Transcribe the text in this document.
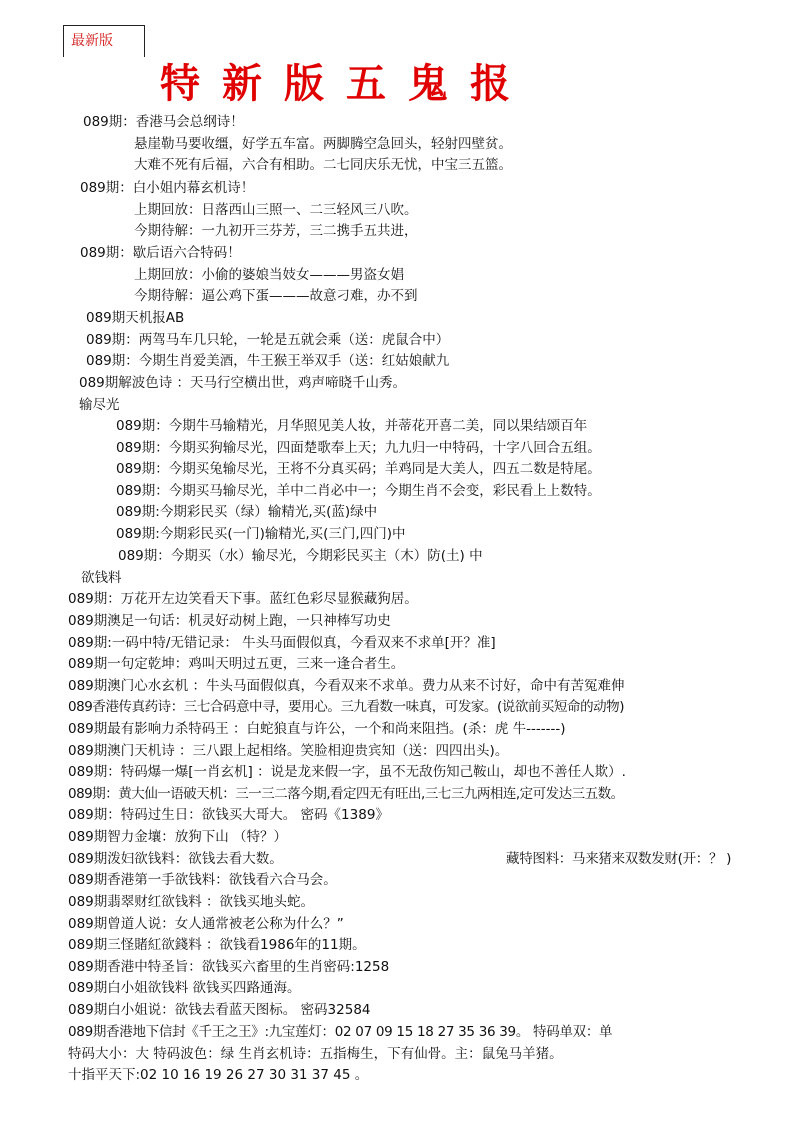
最新版
特新版五鬼报
089期：香港马会总纲诗！
悬崖勒马要收缰，好学五车富。两脚腾空急回头，轻射四壁贫。
大难不死有后福，六合有相助。二七同庆乐无忧，中宝三五篮。
089期：白小姐内幕玄机诗！
上期回放：日落西山三照一、二三轻风三八吹。
今期待解：一九初开三芬芳，三二携手五共进，
089期：歇后语六合特码！
上期回放：小偷的婆娘当妓女———男盗女娼
今期待解：逼公鸡下蛋———故意刁难，办不到
089期天机报AB
089期：两驾马车几只轮，一轮是五就会乘（送：虎鼠合中）
089期：今期生肖爱美酒，牛王猴王举双手（送：红姑娘献九
089期解波色诗 ：天马行空横出世，鸡声啼晓千山秀。
输尽光
089期：今期牛马输精光，月华照见美人妆，并蒂花开喜二美，同以果结颂百年
089期：今期买狗输尽光，四面楚歌奉上天；九九归一中特码，十字八回合五组。
089期：今期买兔输尽光，王将不分真买码；羊鸡同是大美人，四五二数是特尾。
089期：今期买马输尽光，羊中二肖必中一；今期生肖不会变，彩民看上上数特。
089期:今期彩民买（绿）输精光,买(蓝)绿中
089期:今期彩民买(一门)输精光,买(三门,四门)中
089期：今期买（水）输尽光，今期彩民买主（木）防(土) 中
欲钱料
089期：万花开左边笑看天下事。蓝红色彩尽显猴藏狗居。
089期澳足一句话：机灵好动树上跑，一只神棒写功史
089期:一码中特/无错记录： 牛头马面假似真，今看双来不求单[开？准]
089期一句定乾坤：鸡叫天明过五更，三来一逢合者生。
089期澳门心水玄机 ：牛头马面假似真，今看双来不求单。费力从来不讨好，命中有苦冤难伸
089香港传真药诗：三七合码意中寻，要用心。三九看数一味真，可发家。(说欲前买短命的动物)
089期最有影响力杀特码王 ：白蛇狼直与许公，一个和尚来阻挡。(杀：虎 牛-------)
089期澳门天机诗 ：三八跟上起相络。笑脸相迎贵宾知（送：四四出头)。
089期：特码爆一爆[一肖玄机] ：说是龙来假一字，虽不无敌伤知己鞍山，却也不善任人欺）.
089期：黄大仙一语破天机：三一三二落今期,看定四无有旺出,三七三九两相连,定可发达三五数。
089期：特码过生日：欲钱买大哥大。 密码《1389》
089期智力金壤：放狗下山 （特？）
089期泼妇欲钱料：欲钱去看大数。	藏特图料：马来猪来双数发财(开：？ )
089期香港第一手欲钱料：欲钱看六合马会。
089期翡翠财红欲钱料 ：欲钱买地头蛇。
089期曾道人说：女人通常被老公称为什么？”
089期三怪賭紅欲錢料 ：欲钱看1986年的11期。
089期香港中特圣旨：欲钱买六畜里的生肖密码:1258
089期白小姐欲钱料 欲钱买四路通海。
089期白小姐说：欲钱去看蓝天图标。 密码32584
089期香港地下信封《千王之王》:九宝莲灯：02 07 09 15 18 27 35 36 39。 特码单双：单
特码大小：大 特码波色：绿 生肖玄机诗：五指梅生，下有仙骨。主：鼠兔马羊猪。
十指平天下:02 10 16 19 26 27 30 31 37 45 。
